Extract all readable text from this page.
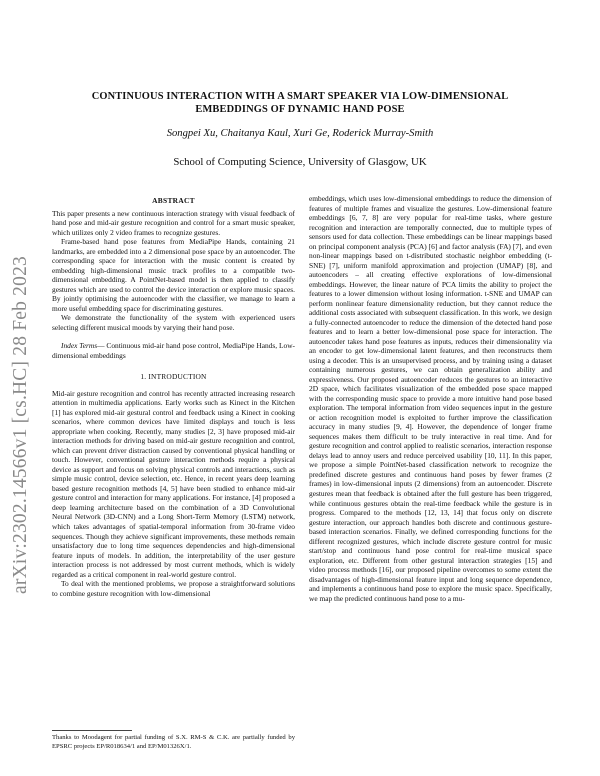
arXiv:2302.14566v1 [cs.HC] 28 Feb 2023
CONTINUOUS INTERACTION WITH A SMART SPEAKER VIA LOW-DIMENSIONAL EMBEDDINGS OF DYNAMIC HAND POSE
Songpei Xu, Chaitanya Kaul, Xuri Ge, Roderick Murray-Smith
School of Computing Science, University of Glasgow, UK
ABSTRACT

This paper presents a new continuous interaction strategy with visual feedback of hand pose and mid-air gesture recognition and control for a smart music speaker, which utilizes only 2 video frames to recognize gestures.

Frame-based hand pose features from MediaPipe Hands, containing 21 landmarks, are embedded into a 2 dimensional pose space by an autoencoder. The corresponding space for interaction with the music content is created by embedding high-dimensional music track profiles to a compatible two-dimensional embedding. A PointNet-based model is then applied to classify gestures which are used to control the device interaction or explore music spaces. By jointly optimising the autoencoder with the classifier, we manage to learn a more useful embedding space for discriminating gestures.

We demonstrate the functionality of the system with experienced users selecting different musical moods by varying their hand pose.

Index Terms— Continuous mid-air hand pose control, MediaPipe Hands, Low-dimensional embeddings

1. INTRODUCTION

Mid-air gesture recognition and control has recently attracted increasing research attention in multimedia applications. Early works such as Kinect in the Kitchen [1] has explored mid-air gestural control and feedback using a Kinect in cooking scenarios, where common devices have limited displays and touch is less appropriate when cooking. Recently, many studies [2, 3] have proposed mid-air interaction methods for driving based on mid-air gesture recognition and control, which can prevent driver distraction caused by conventional physical handling or touch. However, conventional gesture interaction methods require a physical device as support and focus on solving physical controls and interactions, such as simple music control, device selection, etc. Hence, in recent years deep learning based gesture recognition methods [4, 5] have been studied to enhance mid-air gesture control and interaction for many applications. For instance, [4] proposed a deep learning architecture based on the combination of a 3D Convolutional Neural Network (3D-CNN) and a Long Short-Term Memory (LSTM) network, which takes advantages of spatial-temporal information from 30-frame video sequences. Though they achieve significant improvements, these methods remain unsatisfactory due to long time sequences dependencies and high-dimensional feature inputs of models. In addition, the interpretability of the user gesture interaction process is not addressed by most current methods, which is widely regarded as a critical component in real-world gesture control.

To deal with the mentioned problems, we propose a straightforward solutions to combine gesture recognition with low-dimensional

Thanks to Moodagent for partial funding of S.X. RM-S & C.K. are partially funded by EPSRC projects EP/R018634/1 and EP/M01326X/1.

embeddings, which uses low-dimensional embeddings to reduce the dimension of features of multiple frames and visualize the gestures. Low-dimensional feature embeddings [6, 7, 8] are very popular for real-time tasks, where gesture recognition and interaction are temporally connected, due to multiple types of sensors used for data collection. These embeddings can be linear mappings based on principal component analysis (PCA) [6] and factor analysis (FA) [7], and even non-linear mappings based on t-distributed stochastic neighbor embedding (t-SNE) [7], uniform manifold approximation and projection (UMAP) [8], and autoencoders – all creating effective explorations of low-dimensional embeddings. However, the linear nature of PCA limits the ability to project the features to a lower dimension without losing information. t-SNE and UMAP can perform nonlinear feature dimensionality reduction, but they cannot reduce the additional costs associated with subsequent classification. In this work, we design a fully-connected autoencoder to reduce the dimension of the detected hand pose features and to learn a better low-dimensional pose space for interaction. The autoencoder takes hand pose features as inputs, reduces their dimensionality via an encoder to get low-dimensional latent features, and then reconstructs them using a decoder. This is an unsupervised process, and by training using a dataset containing numerous gestures, we can obtain generalization ability and expressiveness. Our proposed autoencoder reduces the gestures to an interactive 2D space, which facilitates visualization of the embedded pose space mapped with the corresponding music space to provide a more intuitive hand pose based exploration. The temporal information from video sequences input in the gesture or action recognition model is exploited to further improve the classification accuracy in many studies [9, 4]. However, the dependence of longer frame sequences makes them difficult to be truly interactive in real time. And for gesture recognition and control applied to realistic scenarios, interaction response delays lead to annoy users and reduce perceived usability [10, 11]. In this paper, we propose a simple PointNet-based classification network to recognize the predefined discrete gestures and continuous hand poses by fewer frames (2 frames) in low-dimensional inputs (2 dimensions) from an autoencoder. Discrete gestures mean that feedback is obtained after the full gesture has been triggered, while continuous gestures obtain the real-time feedback while the gesture is in progress. Compared to the methods [12, 13, 14] that focus only on discrete gesture interaction, our approach handles both discrete and continuous gesture-based interaction scenarios. Finally, we defined corresponding functions for the different recognized gestures, which include discrete gesture control for music start/stop and continuous hand pose control for real-time musical space exploration, etc. Different from other gestural interaction strategies [15] and video process methods [16], our proposed pipeline overcomes to some extent the disadvantages of high-dimensional feature input and long sequence dependence, and implements a continuous hand pose to explore the music space. Specifically, we map the predicted continuous hand pose to a mu-
